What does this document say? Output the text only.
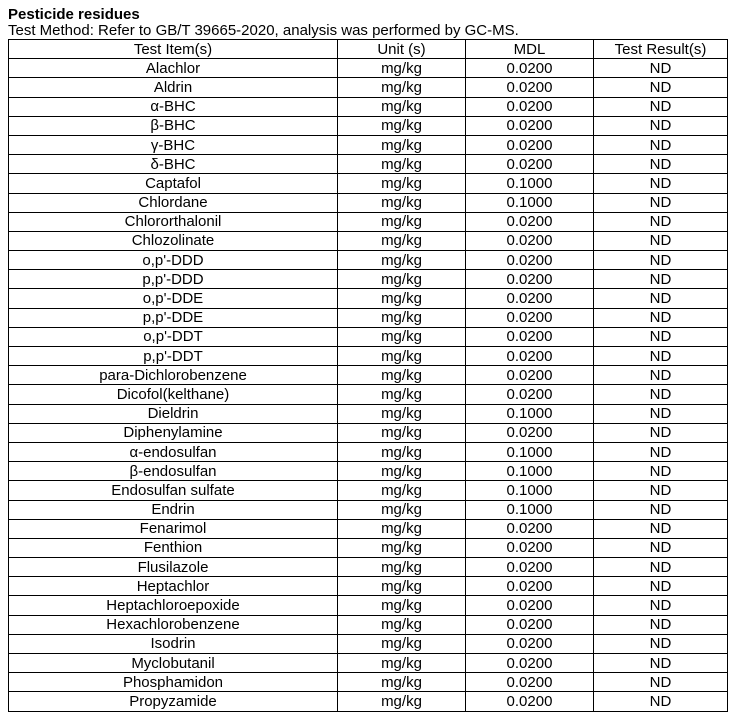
Pesticide residues
Test Method: Refer to GB/T 39665-2020, analysis was performed by GC-MS.
Test Item(s)	Unit (s)	MDL	Test Result(s)
Alachlor	mg/kg	0.0200	ND
Aldrin	mg/kg	0.0200	ND
α-BHC	mg/kg	0.0200	ND
β-BHC	mg/kg	0.0200	ND
γ-BHC	mg/kg	0.0200	ND
δ-BHC	mg/kg	0.0200	ND
Captafol	mg/kg	0.1000	ND
Chlordane	mg/kg	0.1000	ND
Chlororthalonil	mg/kg	0.0200	ND
Chlozolinate	mg/kg	0.0200	ND
o,p'-DDD	mg/kg	0.0200	ND
p,p'-DDD	mg/kg	0.0200	ND
o,p'-DDE	mg/kg	0.0200	ND
p,p'-DDE	mg/kg	0.0200	ND
o,p'-DDT	mg/kg	0.0200	ND
p,p'-DDT	mg/kg	0.0200	ND
para-Dichlorobenzene	mg/kg	0.0200	ND
Dicofol(kelthane)	mg/kg	0.0200	ND
Dieldrin	mg/kg	0.1000	ND
Diphenylamine	mg/kg	0.0200	ND
α-endosulfan	mg/kg	0.1000	ND
β-endosulfan	mg/kg	0.1000	ND
Endosulfan sulfate	mg/kg	0.1000	ND
Endrin	mg/kg	0.1000	ND
Fenarimol	mg/kg	0.0200	ND
Fenthion	mg/kg	0.0200	ND
Flusilazole	mg/kg	0.0200	ND
Heptachlor	mg/kg	0.0200	ND
Heptachloroepoxide	mg/kg	0.0200	ND
Hexachlorobenzene	mg/kg	0.0200	ND
Isodrin	mg/kg	0.0200	ND
Myclobutanil	mg/kg	0.0200	ND
Phosphamidon	mg/kg	0.0200	ND
Propyzamide	mg/kg	0.0200	ND
